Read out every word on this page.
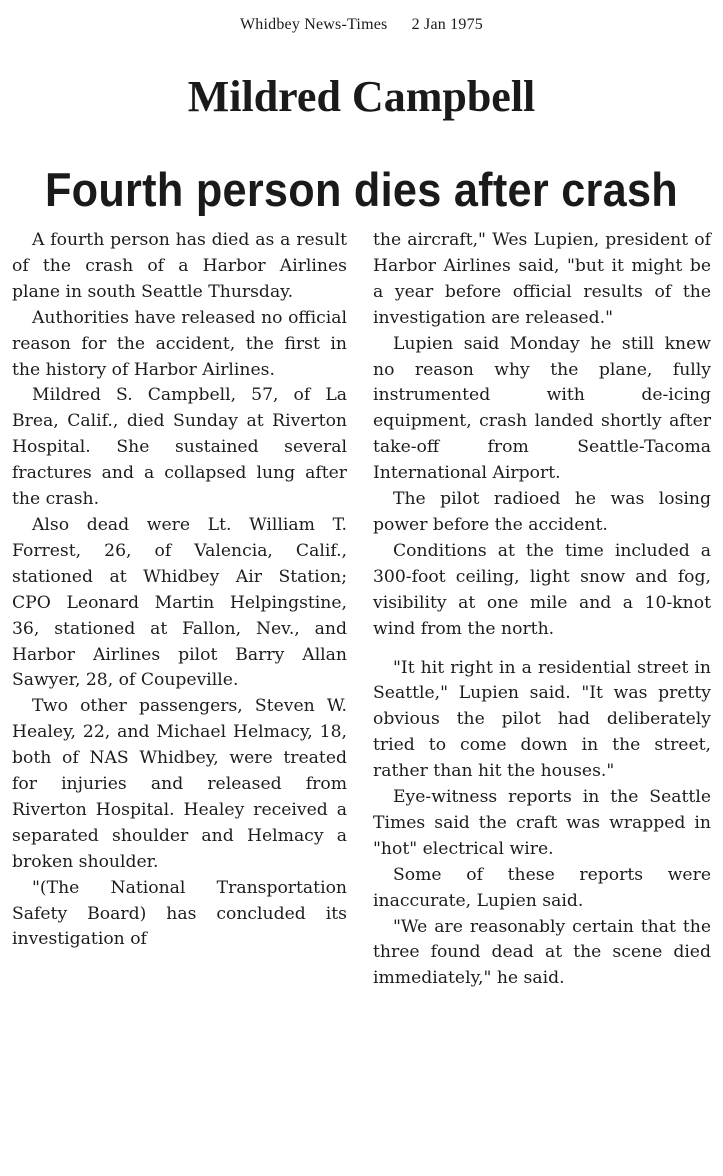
Whidbey News-Times 2 Jan 1975
Mildred Campbell
Fourth person dies after crash

A fourth person has died as a result of the crash of a Harbor Airlines plane in south Seattle Thursday.

Authorities have released no official reason for the accident, the first in the history of Harbor Airlines.

Mildred S. Campbell, 57, of La Brea, Calif., died Sunday at Riverton Hospital. She sustained several fractures and a collapsed lung after the crash.

Also dead were Lt. William T. Forrest, 26, of Valencia, Calif., stationed at Whidbey Air Station; CPO Leonard Martin Helpingstine, 36, stationed at Fallon, Nev., and Harbor Airlines pilot Barry Allan Sawyer, 28, of Coupeville.

Two other passengers, Steven W. Healey, 22, and Michael Helmacy, 18, both of NAS Whidbey, were treated for injuries and released from Riverton Hospital. Healey received a separated shoulder and Helmacy a broken shoulder.

"(The National Transportation Safety Board) has concluded its investigation of

the aircraft," Wes Lupien, president of Harbor Airlines said, "but it might be a year before official results of the investigation are released."

Lupien said Monday he still knew no reason why the plane, fully instrumented with de-icing equipment, crash landed shortly after take-off from Seattle-Tacoma International Airport.

The pilot radioed he was losing power before the accident.

Conditions at the time included a 300-foot ceiling, light snow and fog, visibility at one mile and a 10-knot wind from the north.

"It hit right in a residential street in Seattle," Lupien said. "It was pretty obvious the pilot had deliberately tried to come down in the street, rather than hit the houses."

Eye-witness reports in the Seattle Times said the craft was wrapped in "hot" electrical wire.

Some of these reports were inaccurate, Lupien said.

"We are reasonably certain that the three found dead at the scene died immediately," he said.
